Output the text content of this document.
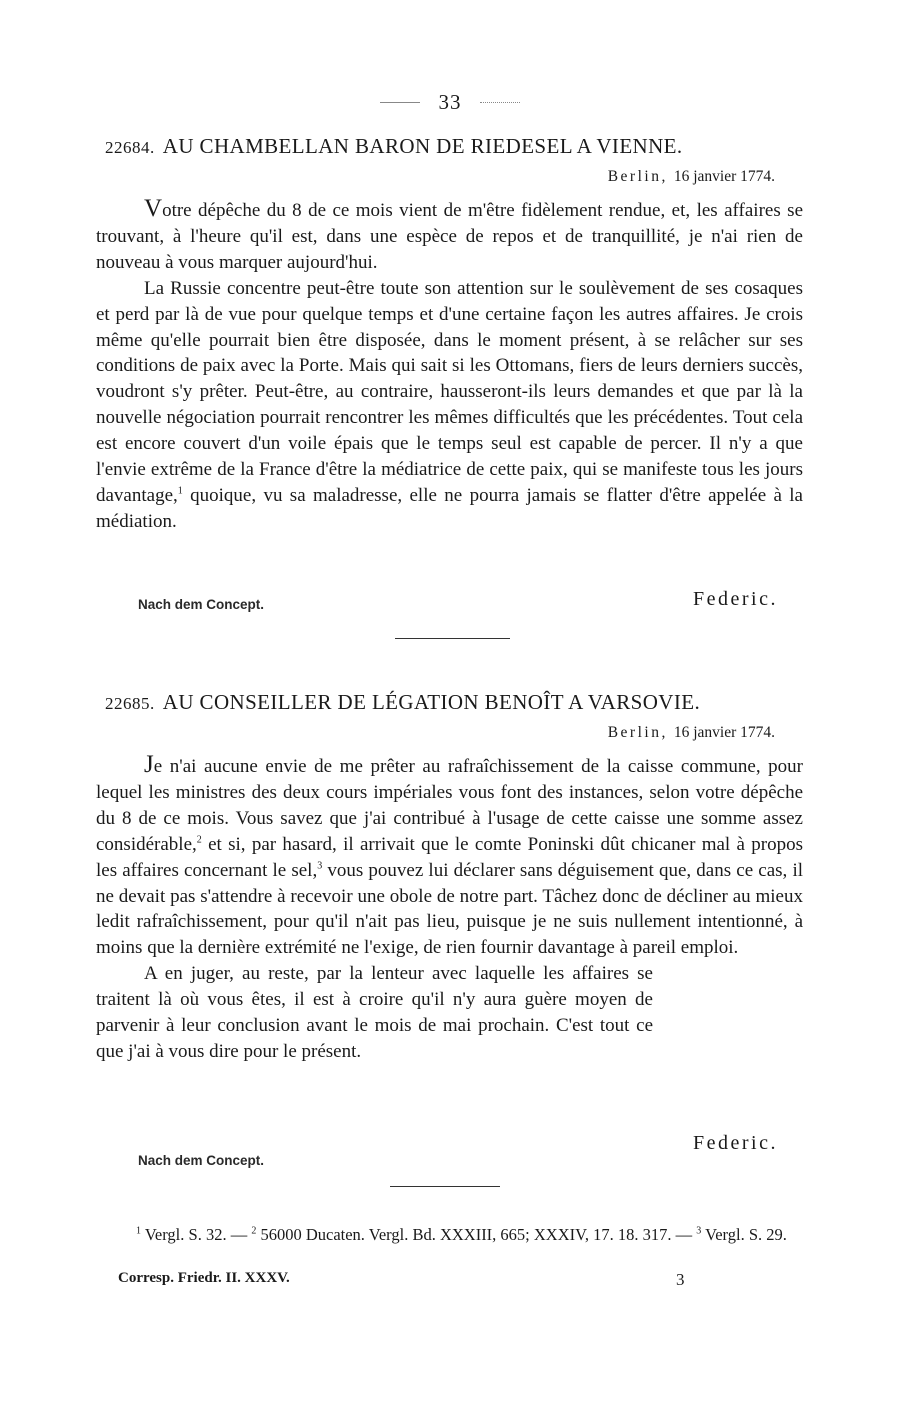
33
22684. AU CHAMBELLAN BARON DE RIEDESEL A VIENNE.
Berlin, 16 janvier 1774.

Votre dépêche du 8 de ce mois vient de m'être fidèlement rendue, et, les affaires se trouvant, à l'heure qu'il est, dans une espèce de repos et de tranquillité, je n'ai rien de nouveau à vous marquer aujourd'hui.

La Russie concentre peut-être toute son attention sur le soulèvement de ses cosaques et perd par là de vue pour quelque temps et d'une certaine façon les autres affaires. Je crois même qu'elle pourrait bien être disposée, dans le moment présent, à se relâcher sur ses conditions de paix avec la Porte. Mais qui sait si les Ottomans, fiers de leurs derniers succès, voudront s'y prêter. Peut-être, au contraire, hausseront-ils leurs demandes et que par là la nouvelle négociation pourrait rencontrer les mêmes difficultés que les précédentes. Tout cela est encore couvert d'un voile épais que le temps seul est capable de percer. Il n'y a que l'envie extrême de la France d'être la médiatrice de cette paix, qui se manifeste tous les jours davantage,$^1$ quoique, vu sa maladresse, elle ne pourra jamais se flatter d'être appelée à la médiation.

Nach dem Concept.	Federic.
22685. AU CONSEILLER DE LÉGATION BENOÎT A VARSOVIE.
Berlin, 16 janvier 1774.

Je n'ai aucune envie de me prêter au rafraîchissement de la caisse commune, pour lequel les ministres des deux cours impériales vous font des instances, selon votre dépêche du 8 de ce mois. Vous savez que j'ai contribué à l'usage de cette caisse une somme assez considérable,$^2$ et si, par hasard, il arrivait que le comte Poninski dût chicaner mal à propos les affaires concernant le sel,$^3$ vous pouvez lui déclarer sans déguisement que, dans ce cas, il ne devait pas s'attendre à recevoir une obole de notre part. Tâchez donc de décliner au mieux ledit rafraîchissement, pour qu'il n'ait pas lieu, puisque je ne suis nullement intentionné, à moins que la dernière extrémité ne l'exige, de rien fournir davantage à pareil emploi.

A en juger, au reste, par la lenteur avec laquelle les affaires se traitent là où vous êtes, il est à croire qu'il n'y aura guère moyen de parvenir à leur conclusion avant le mois de mai prochain. C'est tout ce que j'ai à vous dire pour le présent.

Federic.
Nach dem Concept.

$^1$ Vergl. S. 32. — $^2$ 56000 Ducaten. Vergl. Bd. XXXIII, 665; XXXIV, 17. 18. 317. — $^3$ Vergl. S. 29.

Corresp. Friedr. II. XXXV.	3
